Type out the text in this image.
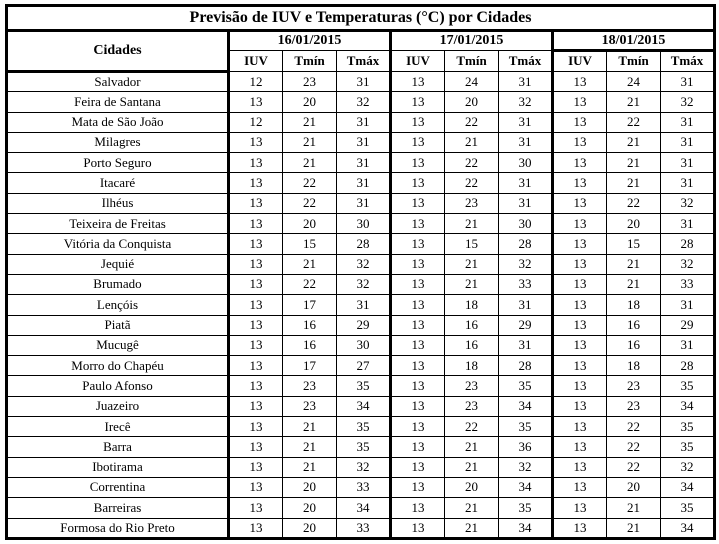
Previsão de IUV e Temperaturas (°C) por Cidades									
Cidades	16/01/2015			17/01/2015			18/01/2015		
	IUV	Tmín	Tmáx	IUV	Tmín	Tmáx	IUV	Tmín	Tmáx
Salvador	12	23	31	13	24	31	13	24	31
Feira de Santana	13	20	32	13	20	32	13	21	32
Mata de São João	12	21	31	13	22	31	13	22	31
Milagres	13	21	31	13	21	31	13	21	31
Porto Seguro	13	21	31	13	22	30	13	21	31
Itacaré	13	22	31	13	22	31	13	21	31
Ilhéus	13	22	31	13	23	31	13	22	32
Teixeira de Freitas	13	20	30	13	21	30	13	20	31
Vitória da Conquista	13	15	28	13	15	28	13	15	28
Jequié	13	21	32	13	21	32	13	21	32
Brumado	13	22	32	13	21	33	13	21	33
Lençóis	13	17	31	13	18	31	13	18	31
Piatã	13	16	29	13	16	29	13	16	29
Mucugê	13	16	30	13	16	31	13	16	31
Morro do Chapéu	13	17	27	13	18	28	13	18	28
Paulo Afonso	13	23	35	13	23	35	13	23	35
Juazeiro	13	23	34	13	23	34	13	23	34
Irecê	13	21	35	13	22	35	13	22	35
Barra	13	21	35	13	21	36	13	22	35
Ibotirama	13	21	32	13	21	32	13	22	32
Correntina	13	20	33	13	20	34	13	20	34
Barreiras	13	20	34	13	21	35	13	21	35
Formosa do Rio Preto	13	20	33	13	21	34	13	21	34
